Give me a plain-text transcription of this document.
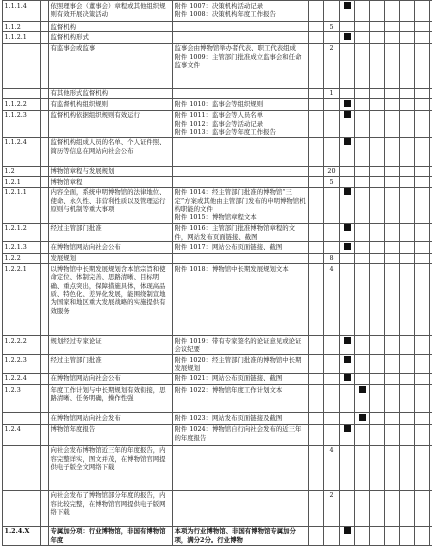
1.1.1.4		依照理事会（董事会）章程或其他组织规则有效开展决策活动	附件 1007：决策机构活动记录
附件 1008：决策机构年度工作报告									
1.1.2		监督机构			5							
1.1.2.1		监督机构形式										
		有监事会或监事	监事会由博物馆举办者代表、职工代表组成
附件 1009：主管部门批准成立监事会和任命监事文件		2							
		有其他形式监督机构			1							
1.1.2.2		有监督机构组织规则	附件 1010：监事会等组织规则									
1.1.2.3		监督机构依据组织规则有效运行	附件 1011：监事会等人员名单
附件 1012：监事会等活动记录
附件 1013：监事会等年度工作报告									
1.1.2.4		监督机构组成人员的名单、个人证件照、简历等信息在网站向社会公布										
1.2		博物馆章程与发展规划			20							
1.2.1		博物馆章程			5							
1.2.1.1		内容全面，系统申明博物馆的法律地位、使命、永久性、非营利性质以及管理运行原则与机制等重大事项	附件 1014：经主管部门批准的博物馆“三定”方案或其他由主管部门发布的申明博物馆机构职能的文件
附件 1015：博物馆章程文本									
1.2.1.2		经过主管部门批准	附件 1016：主管部门批准博物馆章程的文件，网站发布页面链接、截图									
1.2.1.3		在博物馆网站向社会公布	附件 1017：网站公布页面链接、截图									
1.2.2		发展规划			8							
1.2.2.1		以博物馆中长期发展规划含本馆宗旨和使命定位、体制完善、思路清晰、目标明确、重点突出，保障措施具体，体现高品质、特色化、差异化发展，能围绕制宣地为国家和地区重大发展战略的实施提供有效服务	附件 1018：博物馆中长期发展规划文本		4							
1.2.2.2		规划经过专家论证	附件 1019：带有专家签名的论证意见或论证会议纪要									
1.2.2.3		经过主管部门批准	附件 1020：经主管部门批准的博物馆中长期发展规划									
1.2.2.4		在博物馆网站向社会公布	附件 1021：网站公布页面链接、截图									
1.2.3		年度工作计划与中长期规划有效衔接，思路清晰、任务明确，操作性强	附件 1022：博物馆年度工作计划文本									
		在博物馆网站向社会发布	附件 1023：网站发布页面链接及截图									
1.2.4		博物馆年度报告	附件 1024：博物馆自行向社会发布的近三年的年度报告									
		向社会发布博物馆近三年的年度报告，内容完整详实，图文并茂，在博物馆官网提供电子版全文网络下载			4							
		向社会发布了博物馆部分年度的报告，内容比较完整，在博物馆官网提供电子版网络下载			2							
1.2.4.X		专属加分项：行业博物馆，非国有博物馆年度	本项为行业博物馆、非国有博物馆专属加分项，满分2分。行业博物									
